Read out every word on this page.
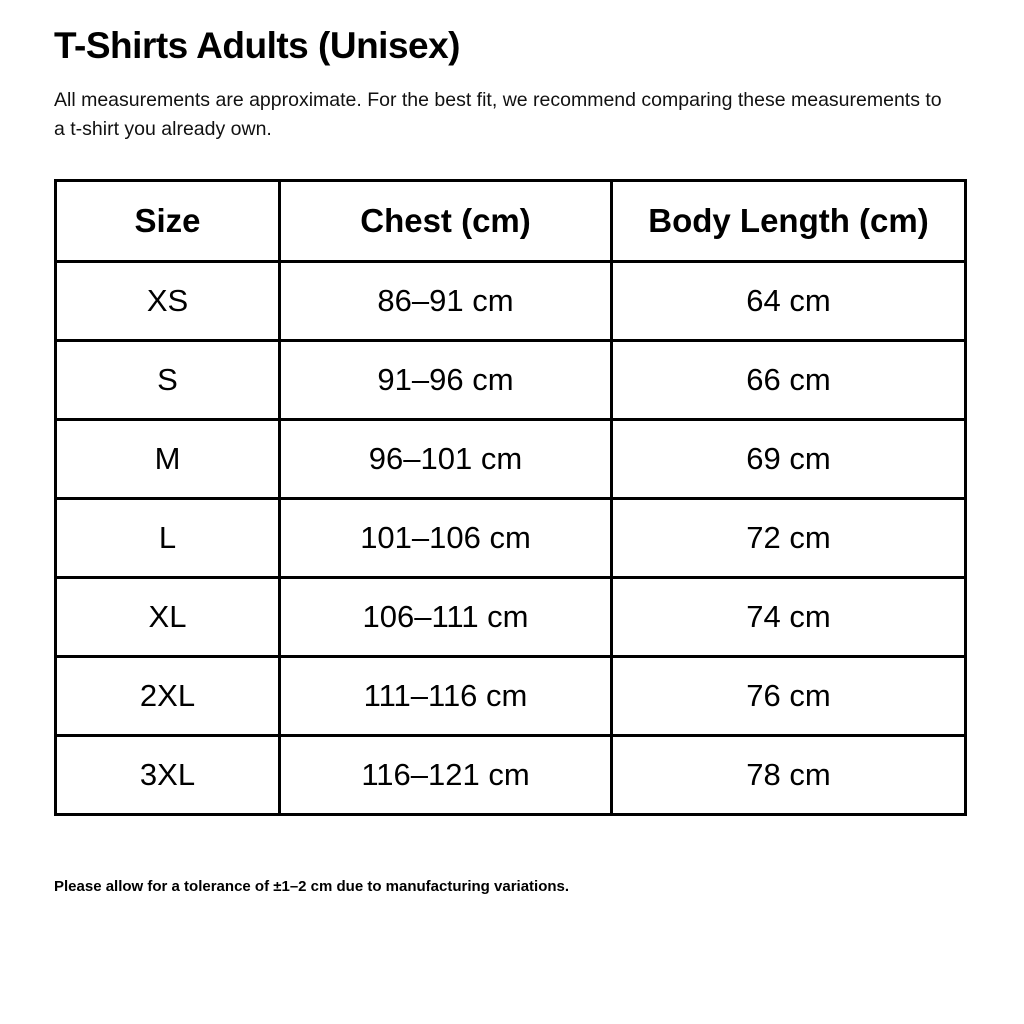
T-Shirts Adults (Unisex)

All measurements are approximate. For the best fit, we recommend comparing these measurements to a t-shirt you already own.

Size	Chest (cm)	Body Length (cm)
XS	86–91 cm	64 cm
S	91–96 cm	66 cm
M	96–101 cm	69 cm
L	101–106 cm	72 cm
XL	106–111 cm	74 cm
2XL	111–116 cm	76 cm
3XL	116–121 cm	78 cm
Please allow for a tolerance of ±1–2 cm due to manufacturing variations.
